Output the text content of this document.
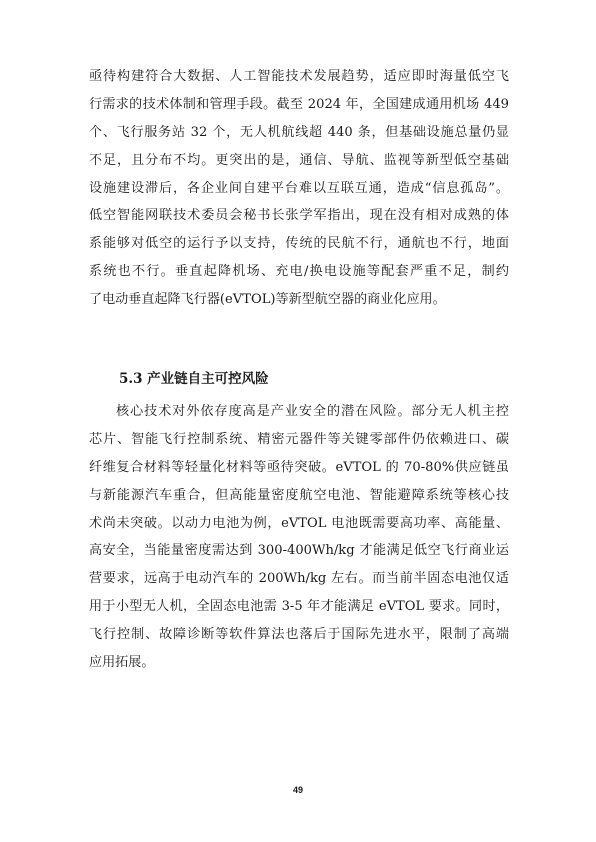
亟待构建符合大数据、人工智能技术发展趋势，适应即时海量低空飞
行需求的技术体制和管理手段。截至 2024 年，全国建成通用机场 449
个、飞行服务站 32 个，无人机航线超 440 条，但基础设施总量仍显
不足，且分布不均。更突出的是，通信、导航、监视等新型低空基础
设施建设滞后，各企业间自建平台难以互联互通，造成“信息孤岛”。
低空智能网联技术委员会秘书长张学军指出，现在没有相对成熟的体
系能够对低空的运行予以支持，传统的民航不行，通航也不行，地面
系统也不行。垂直起降机场、充电/换电设施等配套严重不足，制约
了电动垂直起降飞行器(eVTOL)等新型航空器的商业化应用。
5.3 产业链自主可控风险
核心技术对外依存度高是产业安全的潜在风险。部分无人机主控
芯片、智能飞行控制系统、精密元器件等关键零部件仍依赖进口、碳
纤维复合材料等轻量化材料等亟待突破。eVTOL 的 70-80%供应链虽
与新能源汽车重合，但高能量密度航空电池、智能避障系统等核心技
术尚未突破。以动力电池为例，eVTOL 电池既需要高功率、高能量、
高安全，当能量密度需达到 300-400Wh/kg 才能满足低空飞行商业运
营要求，远高于电动汽车的 200Wh/kg 左右。而当前半固态电池仅适
用于小型无人机，全固态电池需 3-5 年才能满足 eVTOL 要求。同时，
飞行控制、故障诊断等软件算法也落后于国际先进水平，限制了高端
应用拓展。
49
